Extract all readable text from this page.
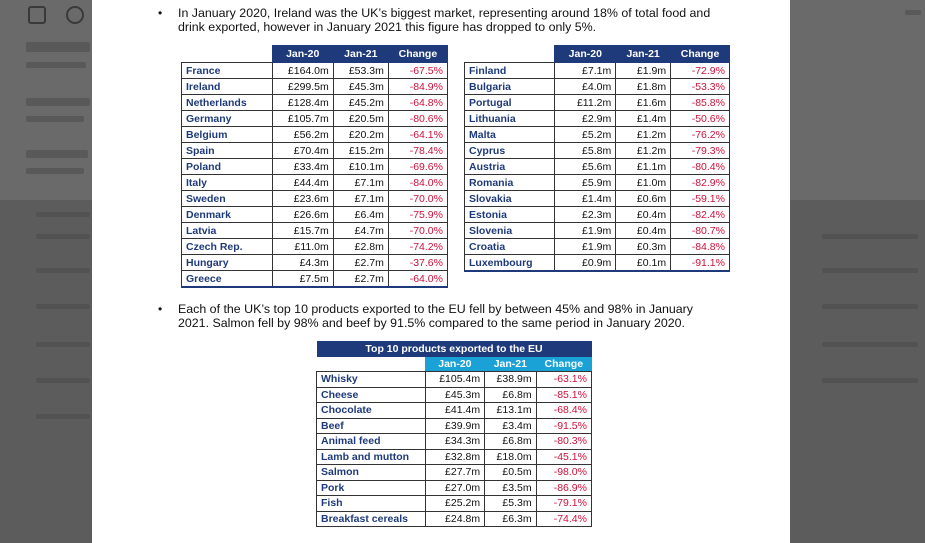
• In January 2020, Ireland was the UK’s biggest market, representing around 18% of total food and drink exported, however in January 2021 this figure has dropped to only 5%.
	Jan-20	Jan-21	Change
France	£164.0m	£53.3m	-67.5%
Ireland	£299.5m	£45.3m	-84.9%
Netherlands	£128.4m	£45.2m	-64.8%
Germany	£105.7m	£20.5m	-80.6%
Belgium	£56.2m	£20.2m	-64.1%
Spain	£70.4m	£15.2m	-78.4%
Poland	£33.4m	£10.1m	-69.6%
Italy	£44.4m	£7.1m	-84.0%
Sweden	£23.6m	£7.1m	-70.0%
Denmark	£26.6m	£6.4m	-75.9%
Latvia	£15.7m	£4.7m	-70.0%
Czech Rep.	£11.0m	£2.8m	-74.2%
Hungary	£4.3m	£2.7m	-37.6%
Greece	£7.5m	£2.7m	-64.0%
	Jan-20	Jan-21	Change
Finland	£7.1m	£1.9m	-72.9%
Bulgaria	£4.0m	£1.8m	-53.3%
Portugal	£11.2m	£1.6m	-85.8%
Lithuania	£2.9m	£1.4m	-50.6%
Malta	£5.2m	£1.2m	-76.2%
Cyprus	£5.8m	£1.2m	-79.3%
Austria	£5.6m	£1.1m	-80.4%
Romania	£5.9m	£1.0m	-82.9%
Slovakia	£1.4m	£0.6m	-59.1%
Estonia	£2.3m	£0.4m	-82.4%
Slovenia	£1.9m	£0.4m	-80.7%
Croatia	£1.9m	£0.3m	-84.8%
Luxembourg	£0.9m	£0.1m	-91.1%
• Each of the UK’s top 10 products exported to the EU fell by between 45% and 98% in January 2021. Salmon fell by 98% and beef by 91.5% compared to the same period in January 2020.
Top 10 products exported to the EU			
	Jan-20	Jan-21	Change
Whisky	£105.4m	£38.9m	-63.1%
Cheese	£45.3m	£6.8m	-85.1%
Chocolate	£41.4m	£13.1m	-68.4%
Beef	£39.9m	£3.4m	-91.5%
Animal feed	£34.3m	£6.8m	-80.3%
Lamb and mutton	£32.8m	£18.0m	-45.1%
Salmon	£27.7m	£0.5m	-98.0%
Pork	£27.0m	£3.5m	-86.9%
Fish	£25.2m	£5.3m	-79.1%
Breakfast cereals	£24.8m	£6.3m	-74.4%
